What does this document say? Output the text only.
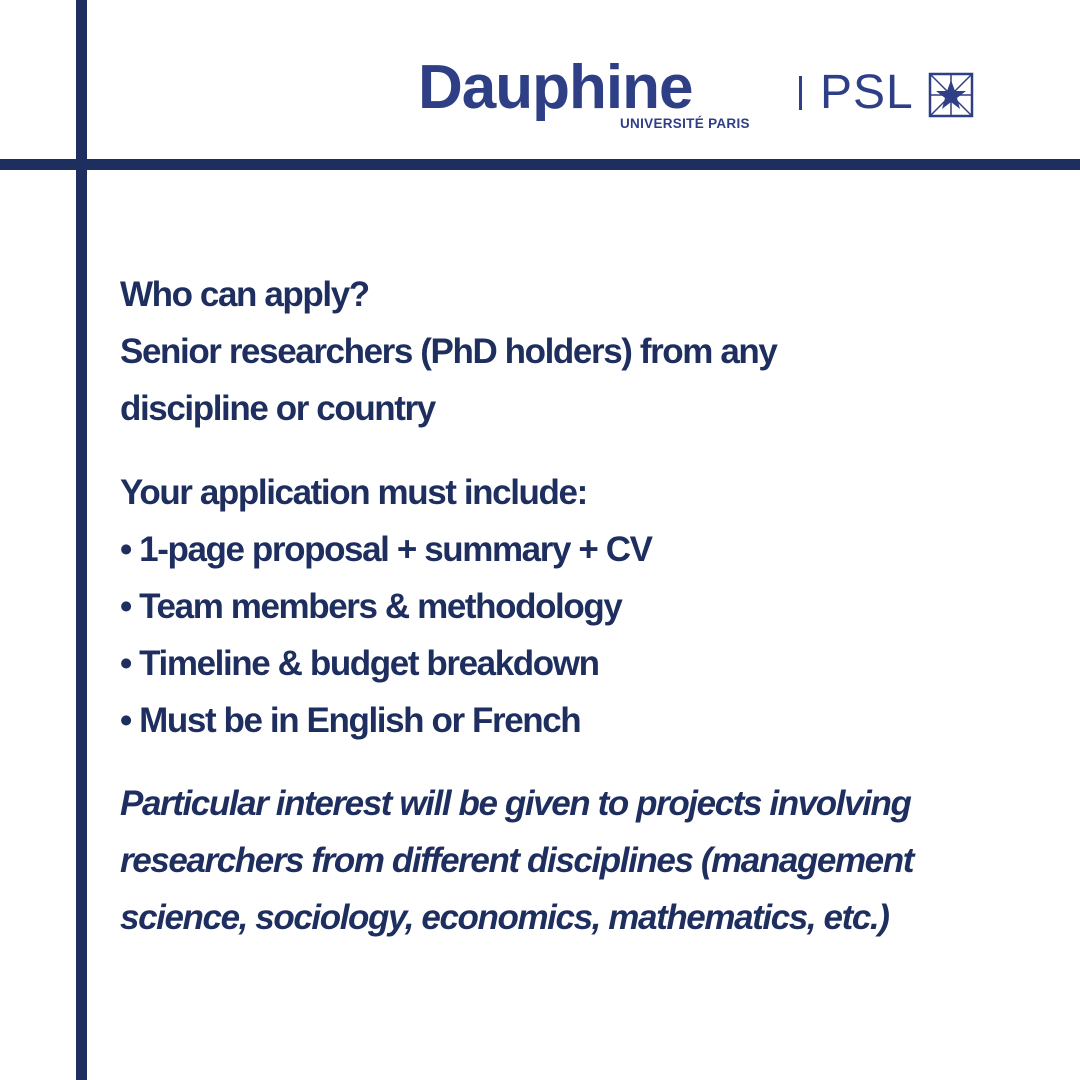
Dauphine
UNIVERSITÉ PARIS
PSL
Who can apply?
Senior researchers (PhD holders) from any
discipline or country
Your application must include:
• 1-page proposal + summary + CV
• Team members & methodology
• Timeline & budget breakdown
• Must be in English or French
Particular interest will be given to projects involving
researchers from different disciplines (management
science, sociology, economics, mathematics, etc.)
